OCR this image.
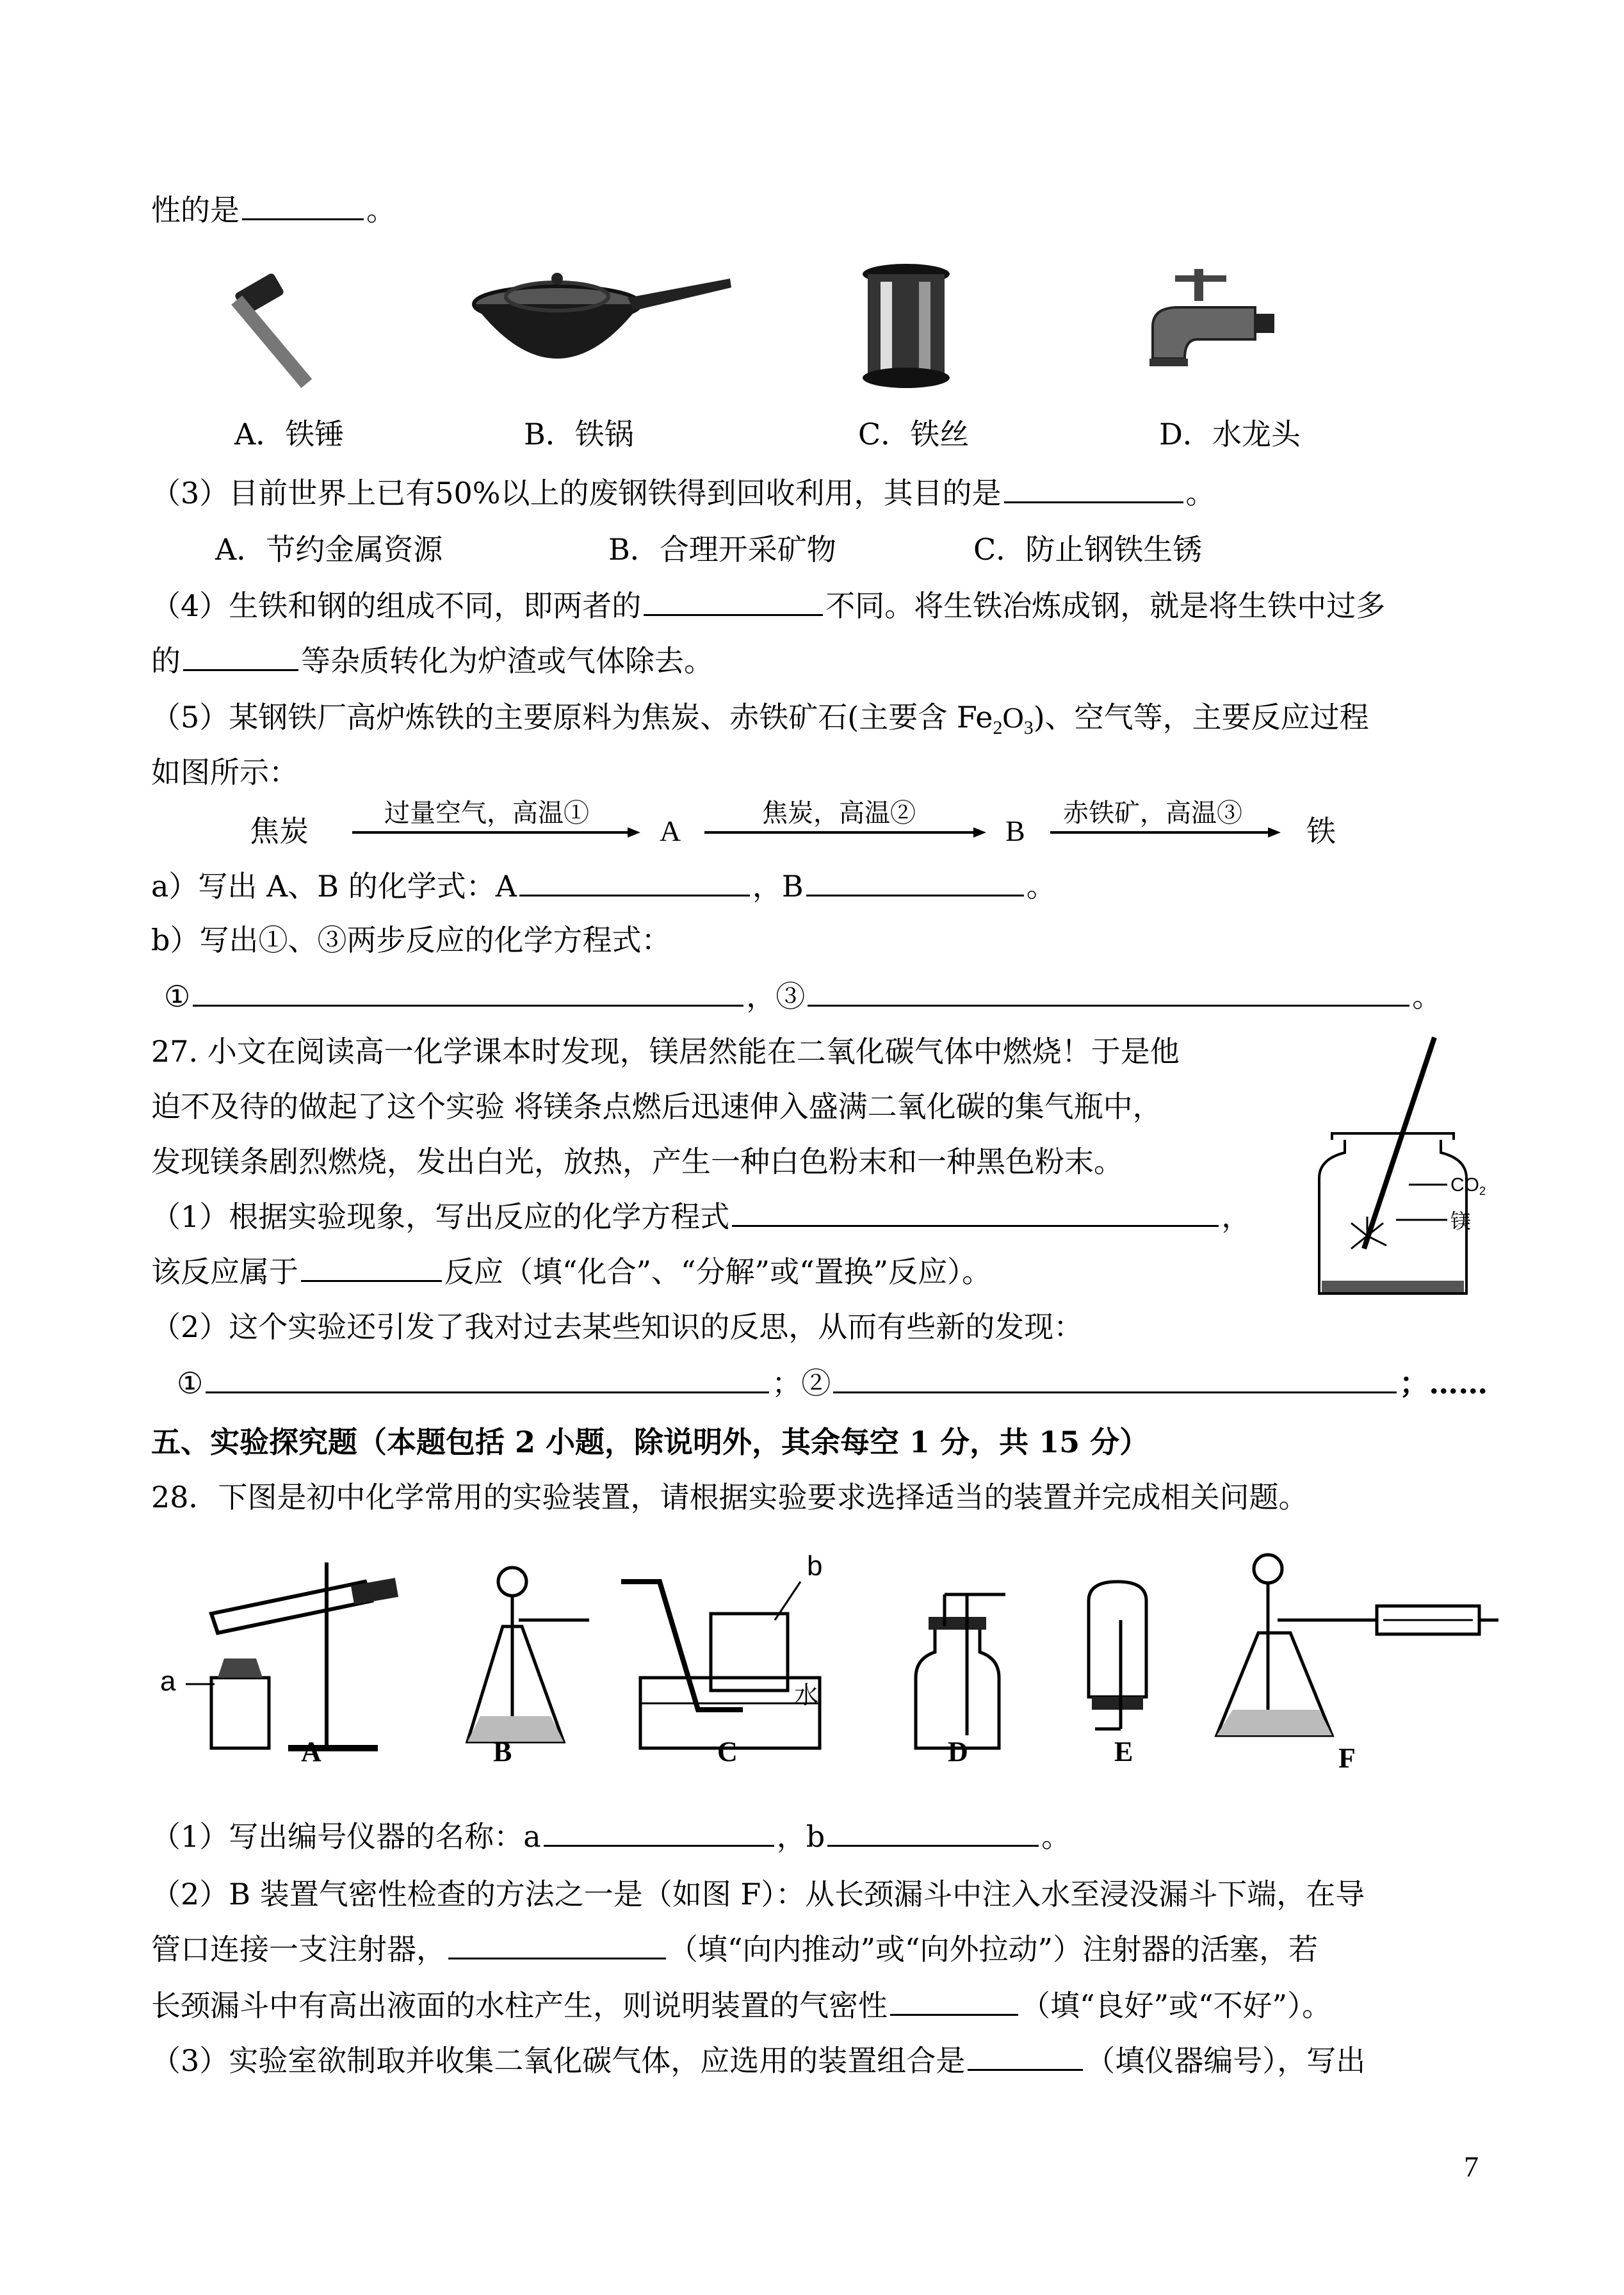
性的是	。
A．铁锤	B．铁锅	C．铁丝	D．水龙头
（3）目前世界上已有50%以上的废钢铁得到回收利用，其目的是	。
A．节约金属资源	B．合理开采矿物	C．防止钢铁生锈
（4）生铁和钢的组成不同，即两者的	不同。将生铁冶炼成钢，就是将生铁中过多
的	等杂质转化为炉渣或气体除去。
（5）某钢铁厂高炉炼铁的主要原料为焦炭、赤铁矿石(主要含 $Fe_2O_3$)、空气等，主要反应过程
如图所示：
焦炭
过量空气，高温①
A
焦炭，高温②
B
赤铁矿，高温③
铁
a）写出 A、B 的化学式：A	，B	。
b）写出①、③两步反应的化学方程式：
①	，③	。
27. 小文在阅读高一化学课本时发现，镁居然能在二氧化碳气体中燃烧！于是他
迫不及待的做起了这个实验 将镁条点燃后迅速伸入盛满二氧化碳的集气瓶中，
发现镁条剧烈燃烧，发出白光，放热，产生一种白色粉末和一种黑色粉末。
（1）根据实验现象，写出反应的化学方程式	，
该反应属于	反应（填“化合”、“分解”或“置换”反应）。
（2）这个实验还引发了我对过去某些知识的反思，从而有些新的发现：
①	；②	；……
$CO_2$
镁
五、实验探究题（本题包括 2 小题，除说明外，其余每空 1 分，共 15 分）
28．下图是初中化学常用的实验装置，请根据实验要求选择适当的装置并完成相关问题。
a
b
水
A	B	C	D	E	F
（1）写出编号仪器的名称：a	，b	。
（2）B 装置气密性检查的方法之一是（如图 F）：从长颈漏斗中注入水至浸没漏斗下端，在导
管口连接一支注射器，	（填“向内推动”或“向外拉动”）注射器的活塞，若
长颈漏斗中有高出液面的水柱产生，则说明装置的气密性	（填“良好”或“不好”）。
（3）实验室欲制取并收集二氧化碳气体，应选用的装置组合是	（填仪器编号），写出
7
